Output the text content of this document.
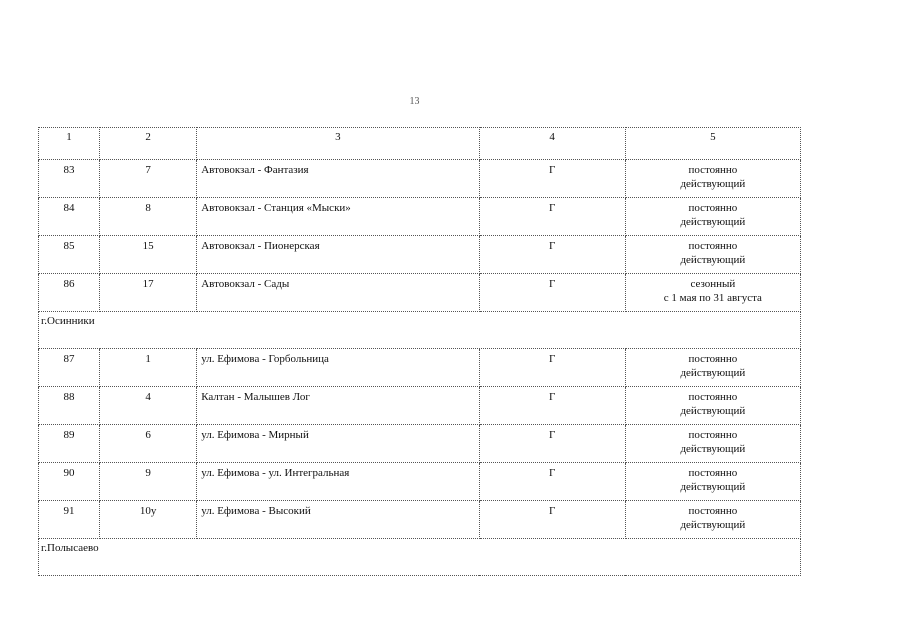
13
1	2	3	4	5
83	7	Автовокзал - Фантазия	Г	постоянно
действующий

84	8	Автовокзал - Станция «Мыски»	Г	постоянно
действующий

85	15	Автовокзал - Пионерская	Г	постоянно
действующий

86	17	Автовокзал - Сады	Г	сезонный
с 1 мая по 31 августа

г.Осинники				
87	1	ул. Ефимова - Горбольница	Г	постоянно
действующий

88	4	Калтан - Малышев Лог	Г	постоянно
действующий

89	6	ул. Ефимова - Мирный	Г	постоянно
действующий

90	9	ул. Ефимова - ул. Интегральная	Г	постоянно
действующий

91	10у	ул. Ефимова - Высокий	Г	постоянно
действующий

г.Полысаево				
